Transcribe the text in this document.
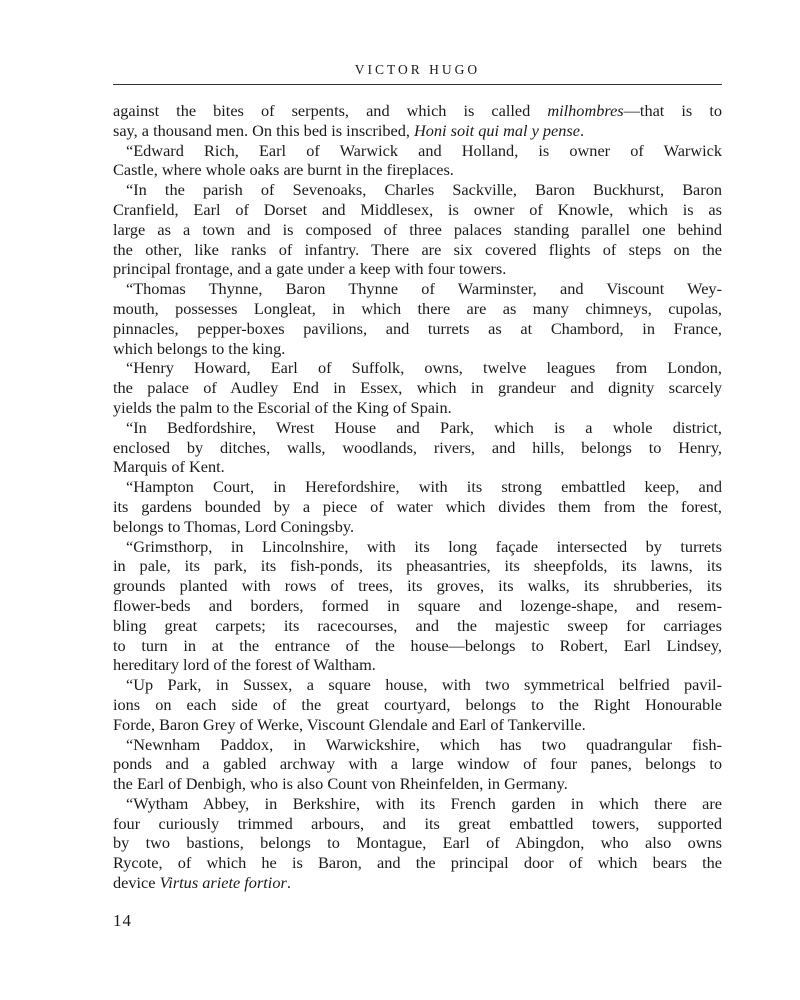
VICTOR HUGO
against the bites of serpents, and which is called milhombres—that is to
say, a thousand men. On this bed is inscribed, Honi soit qui mal y pense.
“Edward Rich, Earl of Warwick and Holland, is owner of Warwick
Castle, where whole oaks are burnt in the fireplaces.
“In the parish of Sevenoaks, Charles Sackville, Baron Buckhurst, Baron
Cranfield, Earl of Dorset and Middlesex, is owner of Knowle, which is as
large as a town and is composed of three palaces standing parallel one behind
the other, like ranks of infantry. There are six covered flights of steps on the
principal frontage, and a gate under a keep with four towers.
“Thomas Thynne, Baron Thynne of Warminster, and Viscount Wey-
mouth, possesses Longleat, in which there are as many chimneys, cupolas,
pinnacles, pepper-boxes pavilions, and turrets as at Chambord, in France,
which belongs to the king.
“Henry Howard, Earl of Suffolk, owns, twelve leagues from London,
the palace of Audley End in Essex, which in grandeur and dignity scarcely
yields the palm to the Escorial of the King of Spain.
“In Bedfordshire, Wrest House and Park, which is a whole district,
enclosed by ditches, walls, woodlands, rivers, and hills, belongs to Henry,
Marquis of Kent.
“Hampton Court, in Herefordshire, with its strong embattled keep, and
its gardens bounded by a piece of water which divides them from the forest,
belongs to Thomas, Lord Coningsby.
“Grimsthorp, in Lincolnshire, with its long façade intersected by turrets
in pale, its park, its fish-ponds, its pheasantries, its sheepfolds, its lawns, its
grounds planted with rows of trees, its groves, its walks, its shrubberies, its
flower-beds and borders, formed in square and lozenge-shape, and resem-
bling great carpets; its racecourses, and the majestic sweep for carriages
to turn in at the entrance of the house—belongs to Robert, Earl Lindsey,
hereditary lord of the forest of Waltham.
“Up Park, in Sussex, a square house, with two symmetrical belfried pavil-
ions on each side of the great courtyard, belongs to the Right Honourable
Forde, Baron Grey of Werke, Viscount Glendale and Earl of Tankerville.
“Newnham Paddox, in Warwickshire, which has two quadrangular fish-
ponds and a gabled archway with a large window of four panes, belongs to
the Earl of Denbigh, who is also Count von Rheinfelden, in Germany.
“Wytham Abbey, in Berkshire, with its French garden in which there are
four curiously trimmed arbours, and its great embattled towers, supported
by two bastions, belongs to Montague, Earl of Abingdon, who also owns
Rycote, of which he is Baron, and the principal door of which bears the
device Virtus ariete fortior.
14
